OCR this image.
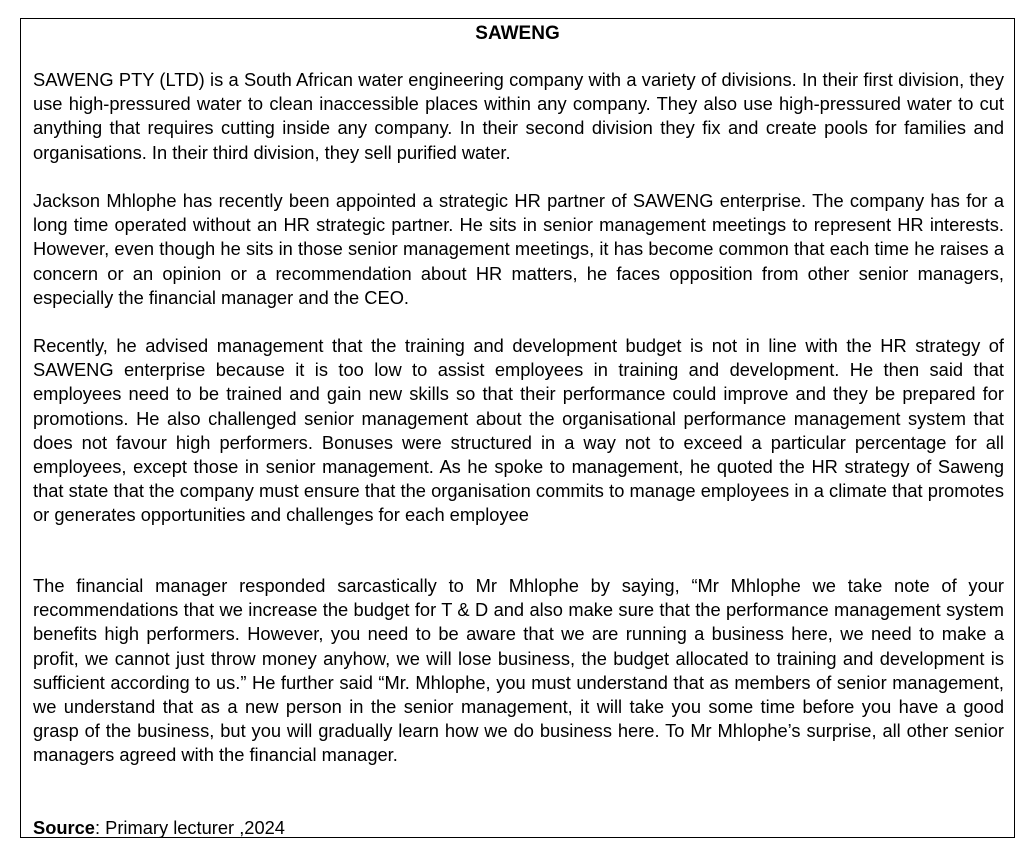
SAWENG

SAWENG PTY (LTD) is a South African water engineering company with a variety of divisions. In their first division, they use high-pressured water to clean inaccessible places within any company. They also use high-pressured water to cut anything that requires cutting inside any company. In their second division they fix and create pools for families and organisations. In their third division, they sell purified water.

Jackson Mhlophe has recently been appointed a strategic HR partner of SAWENG enterprise. The company has for a long time operated without an HR strategic partner. He sits in senior management meetings to represent HR interests. However, even though he sits in those senior management meetings, it has become common that each time he raises a concern or an opinion or a recommendation about HR matters, he faces opposition from other senior managers, especially the financial manager and the CEO.

Recently, he advised management that the training and development budget is not in line with the HR strategy of SAWENG enterprise because it is too low to assist employees in training and development. He then said that employees need to be trained and gain new skills so that their performance could improve and they be prepared for promotions. He also challenged senior management about the organisational performance management system that does not favour high performers. Bonuses were structured in a way not to exceed a particular percentage for all employees, except those in senior management. As he spoke to management, he quoted the HR strategy of Saweng that state that the company must ensure that the organisation commits to manage employees in a climate that promotes or generates opportunities and challenges for each employee

The financial manager responded sarcastically to Mr Mhlophe by saying, “Mr Mhlophe we take note of your recommendations that we increase the budget for T & D and also make sure that the performance management system benefits high performers. However, you need to be aware that we are running a business here, we need to make a profit, we cannot just throw money anyhow, we will lose business, the budget allocated to training and development is sufficient according to us.” He further said “Mr. Mhlophe, you must understand that as members of senior management, we understand that as a new person in the senior management, it will take you some time before you have a good grasp of the business, but you will gradually learn how we do business here. To Mr Mhlophe’s surprise, all other senior managers agreed with the financial manager.

Source: Primary lecturer ,2024
